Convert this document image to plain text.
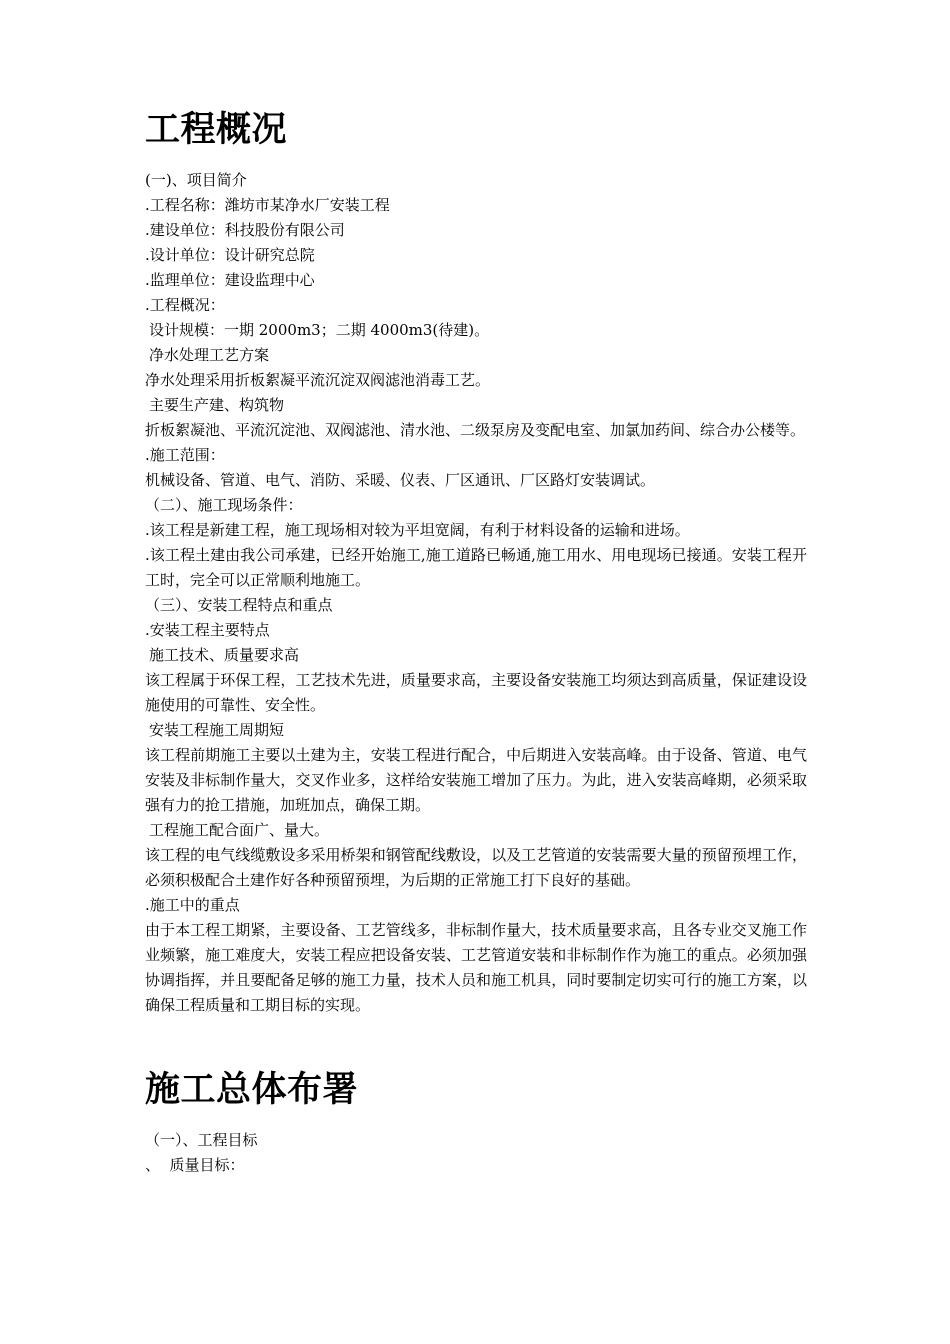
工程概况

(一)、项目简介

.工程名称：潍坊市某净水厂安装工程

.建设单位：科技股份有限公司

.设计单位：设计研究总院

.监理单位：建设监理中心

.工程概况：

设计规模：一期 2000m3；二期 4000m3(待建)。

净水处理工艺方案

净水处理采用折板絮凝平流沉淀双阀滤池消毒工艺。

主要生产建、构筑物

折板絮凝池、平流沉淀池、双阀滤池、清水池、二级泵房及变配电室、加氯加药间、综合办公楼等。

.施工范围：

机械设备、管道、电气、消防、采暖、仪表、厂区通讯、厂区路灯安装调试。

（二）、施工现场条件：

.该工程是新建工程，施工现场相对较为平坦宽阔，有利于材料设备的运输和进场。

.该工程土建由我公司承建，已经开始施工,施工道路已畅通,施工用水、用电现场已接通。安装工程开工时，完全可以正常顺利地施工。

（三）、安装工程特点和重点

.安装工程主要特点

施工技术、质量要求高

该工程属于环保工程，工艺技术先进，质量要求高，主要设备安装施工均须达到高质量，保证建设设施使用的可靠性、安全性。

安装工程施工周期短

该工程前期施工主要以土建为主，安装工程进行配合，中后期进入安装高峰。由于设备、管道、电气安装及非标制作量大，交叉作业多，这样给安装施工增加了压力。为此，进入安装高峰期，必须采取强有力的抢工措施，加班加点，确保工期。

工程施工配合面广、量大。

该工程的电气线缆敷设多采用桥架和钢管配线敷设，以及工艺管道的安装需要大量的预留预埋工作，必须积极配合土建作好各种预留预埋，为后期的正常施工打下良好的基础。

.施工中的重点

由于本工程工期紧，主要设备、工艺管线多，非标制作量大，技术质量要求高，且各专业交叉施工作业频繁，施工难度大，安装工程应把设备安装、工艺管道安装和非标制作作为施工的重点。必须加强协调指挥，并且要配备足够的施工力量，技术人员和施工机具，同时要制定切实可行的施工方案，以确保工程质量和工期目标的实现。

施工总体布署

（一）、工程目标

、  质量目标：
